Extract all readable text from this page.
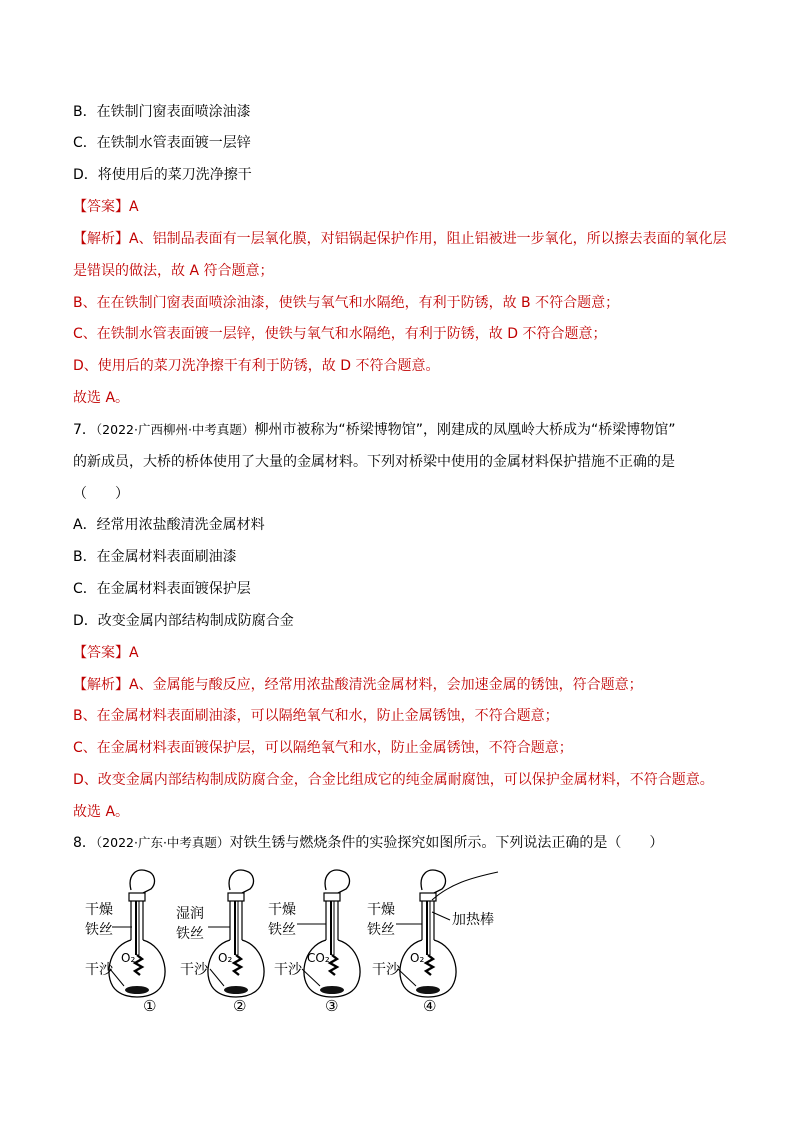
B．在铁制门窗表面喷涂油漆
C．在铁制水管表面镀一层锌
D．将使用后的菜刀洗净擦干
【答案】A
【解析】A、铝制品表面有一层氧化膜，对铝锅起保护作用，阻止铝被进一步氧化，所以擦去表面的氧化层
是错误的做法，故 A 符合题意；
B、在在铁制门窗表面喷涂油漆，使铁与氧气和水隔绝，有利于防锈，故 B 不符合题意；
C、在铁制水管表面镀一层锌，使铁与氧气和水隔绝，有利于防锈，故 D 不符合题意；
D、使用后的菜刀洗净擦干有利于防锈，故 D 不符合题意。
故选 A。
7．（2022·广西柳州·中考真题）柳州市被称为“桥梁博物馆”，刚建成的凤凰岭大桥成为“桥梁博物馆”
的新成员，大桥的桥体使用了大量的金属材料。下列对桥梁中使用的金属材料保护措施不正确的是
（　　）
A．经常用浓盐酸清洗金属材料
B．在金属材料表面刷油漆
C．在金属材料表面镀保护层
D．改变金属内部结构制成防腐合金
【答案】A
【解析】A、金属能与酸反应，经常用浓盐酸清洗金属材料，会加速金属的锈蚀，符合题意；
B、在金属材料表面刷油漆，可以隔绝氧气和水，防止金属锈蚀，不符合题意；
C、在金属材料表面镀保护层，可以隔绝氧气和水，防止金属锈蚀，不符合题意；
D、改变金属内部结构制成防腐合金，合金比组成它的纯金属耐腐蚀，可以保护金属材料，不符合题意。
故选 A。
8．（2022·广东·中考真题）对铁生锈与燃烧条件的实验探究如图所示。下列说法正确的是（　　）
干燥
铁丝
O₂
干沙
①
湿润
铁丝
O₂
干沙
②
干燥
铁丝
CO₂
干沙
③
干燥
铁丝
O₂
干沙
加热棒
④
